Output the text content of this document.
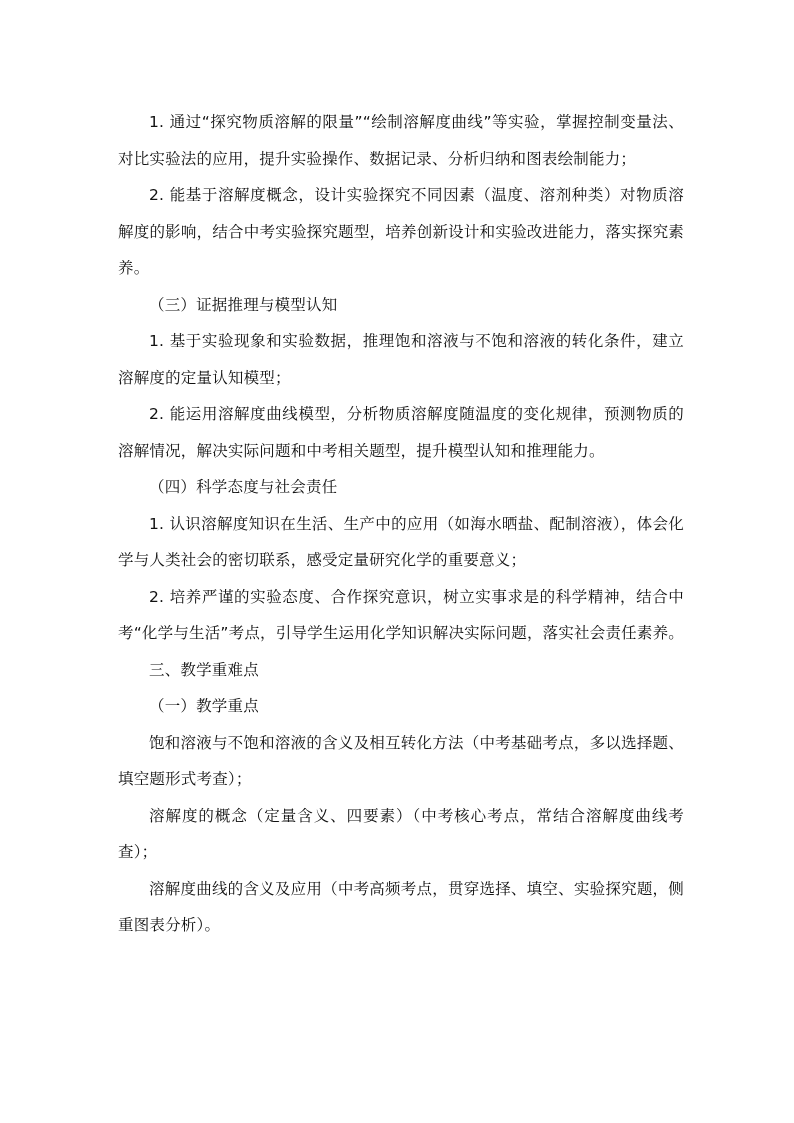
1. 通过“探究物质溶解的限量”“绘制溶解度曲线”等实验，掌握控制变量法、对比实验法的应用，提升实验操作、数据记录、分析归纳和图表绘制能力；

2. 能基于溶解度概念，设计实验探究不同因素（温度、溶剂种类）对物质溶解度的影响，结合中考实验探究题型，培养创新设计和实验改进能力，落实探究素养。

（三）证据推理与模型认知

1. 基于实验现象和实验数据，推理饱和溶液与不饱和溶液的转化条件，建立溶解度的定量认知模型；

2. 能运用溶解度曲线模型，分析物质溶解度随温度的变化规律，预测物质的溶解情况，解决实际问题和中考相关题型，提升模型认知和推理能力。

（四）科学态度与社会责任

1. 认识溶解度知识在生活、生产中的应用（如海水晒盐、配制溶液），体会化学与人类社会的密切联系，感受定量研究化学的重要意义；

2. 培养严谨的实验态度、合作探究意识，树立实事求是的科学精神，结合中考“化学与生活”考点，引导学生运用化学知识解决实际问题，落实社会责任素养。

三、教学重难点

（一）教学重点

饱和溶液与不饱和溶液的含义及相互转化方法（中考基础考点，多以选择题、填空题形式考查）；

溶解度的概念（定量含义、四要素）（中考核心考点，常结合溶解度曲线考查）；

溶解度曲线的含义及应用（中考高频考点，贯穿选择、填空、实验探究题，侧重图表分析）。
